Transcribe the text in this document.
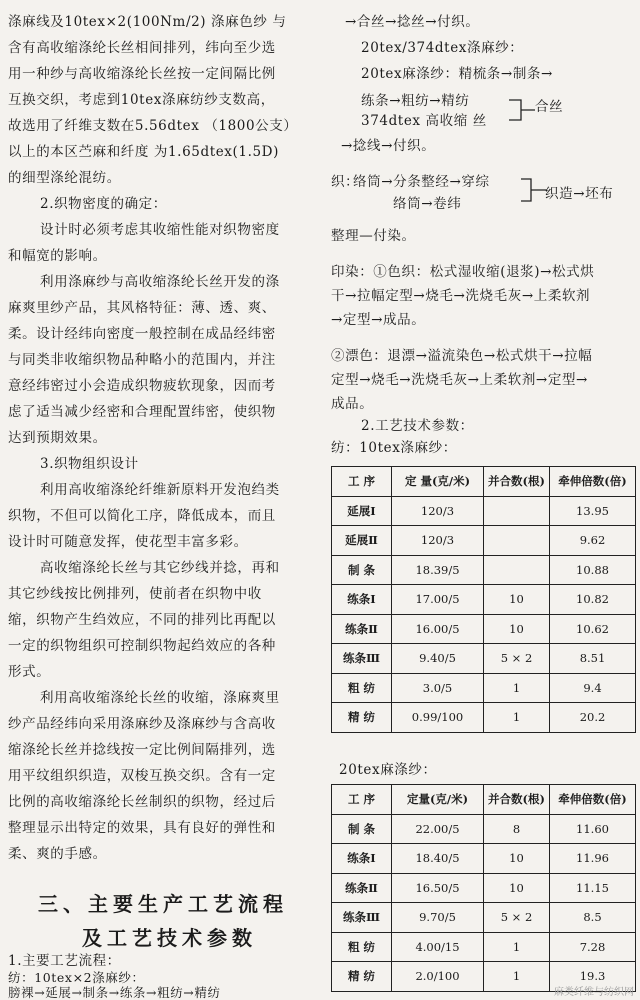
涤麻线及10tex×2(100Nm/2) 涤麻色纱 与
含有高收缩涤纶长丝相间排列，纬向至少选
用一种纱与高收缩涤纶长丝按一定间隔比例
互换交织，考虑到10tex涤麻纺纱支数高，
故选用了纤维支数在5.56dtex （1800公支）
以上的本区苎麻和纤度 为1.65dtex(1.5D)
的细型涤纶混纺。
2.织物密度的确定：
设计时必须考虑其收缩性能对织物密度
和幅宽的影响。
利用涤麻纱与高收缩涤纶长丝开发的涤
麻爽里纱产品，其风格特征：薄、透、爽、
柔。设计经纬向密度一般控制在成品经纬密
与同类非收缩织物品种略小的范围内，并注
意经纬密过小会造成织物疲软现象，因而考
虑了适当减少经密和合理配置纬密，使织物
达到预期效果。
3.织物组织设计
利用高收缩涤纶纤维新原料开发泡绉类
织物，不但可以简化工序，降低成本，而且
设计时可随意发挥，使花型丰富多彩。
高收缩涤纶长丝与其它纱线并捻，再和
其它纱线按比例排列，使前者在织物中收
缩，织物产生绉效应，不同的排列比再配以
一定的织物组织可控制织物起绉效应的各种
形式。
利用高收缩涤纶长丝的收缩，涤麻爽里
纱产品经纬向采用涤麻纱及涤麻纱与含高收
缩涤纶长丝并捻线按一定比例间隔排列，选
用平纹组织织造，双梭互换交织。含有一定
比例的高收缩涤纶长丝制织的织物，经过后
整理显示出特定的效果，具有良好的弹性和
柔、爽的手感。
三、主要生产工艺流程
及工艺技术参数
→合丝→捻丝→付织。
20tex/374dtex涤麻纱：
20tex麻涤纱：精梳条→制条→
练条→粗纺→精纺	合丝
374dtex 高收缩 丝
→捻线→付织。
织：
络筒→分条整经→穿综
络筒→卷纬
织造→坯布
整理—付染。
印染：①色织：松式湿收缩(退浆)→松式烘
干→拉幅定型→烧毛→洗烧毛灰→上柔软剂
→定型→成品。
②漂色：退漂→溢流染色→松式烘干→拉幅
定型→烧毛→洗烧毛灰→上柔软剂→定型→
成品。
2.工艺技术参数：
纺：10tex涤麻纱：
工 序	定 量(克/米)	并合数(根)	牵伸倍数(倍)
延展Ⅰ	120/3		13.95
延展Ⅱ	120/3		9.62
制 条	18.39/5		10.88
练条Ⅰ	17.00/5	10	10.82
练条Ⅱ	16.00/5	10	10.62
练条Ⅲ	9.40/5	5 × 2	8.51
粗 纺	3.0/5	1	9.4
精 纺	0.99/100	1	20.2
20tex麻涤纱：
工 序	定量(克/米)	并合数(根)	牵伸倍数(倍)
制 条	22.00/5	8	11.60
练条Ⅰ	18.40/5	10	11.96
练条Ⅱ	16.50/5	10	11.15
练条Ⅲ	9.70/5	5 × 2	8.5
粗 纺	4.00/15	1	7.28
精 纺	2.0/100	1	19.3
1.主要工艺流程：
纺：10tex×2涤麻纱：
膀裸→延展→制条→练条→粗纺→精纺	麻类纤维与纺织网
